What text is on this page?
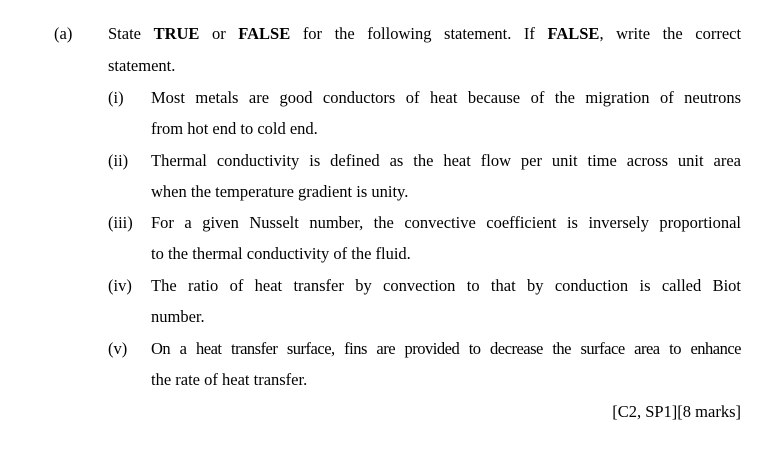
(a) State TRUE or FALSE for the following statement. If FALSE, write the correct
statement.
(i) Most metals are good conductors of heat because of the migration of neutrons
from hot end to cold end.
(ii) Thermal conductivity is defined as the heat flow per unit time across unit area
when the temperature gradient is unity.
(iii) For a given Nusselt number, the convective coefficient is inversely proportional
to the thermal conductivity of the fluid.
(iv) The ratio of heat transfer by convection to that by conduction is called Biot
number.
(v) On a heat transfer surface, fins are provided to decrease the surface area to enhance
the rate of heat transfer.
[C2, SP1][8 marks]
